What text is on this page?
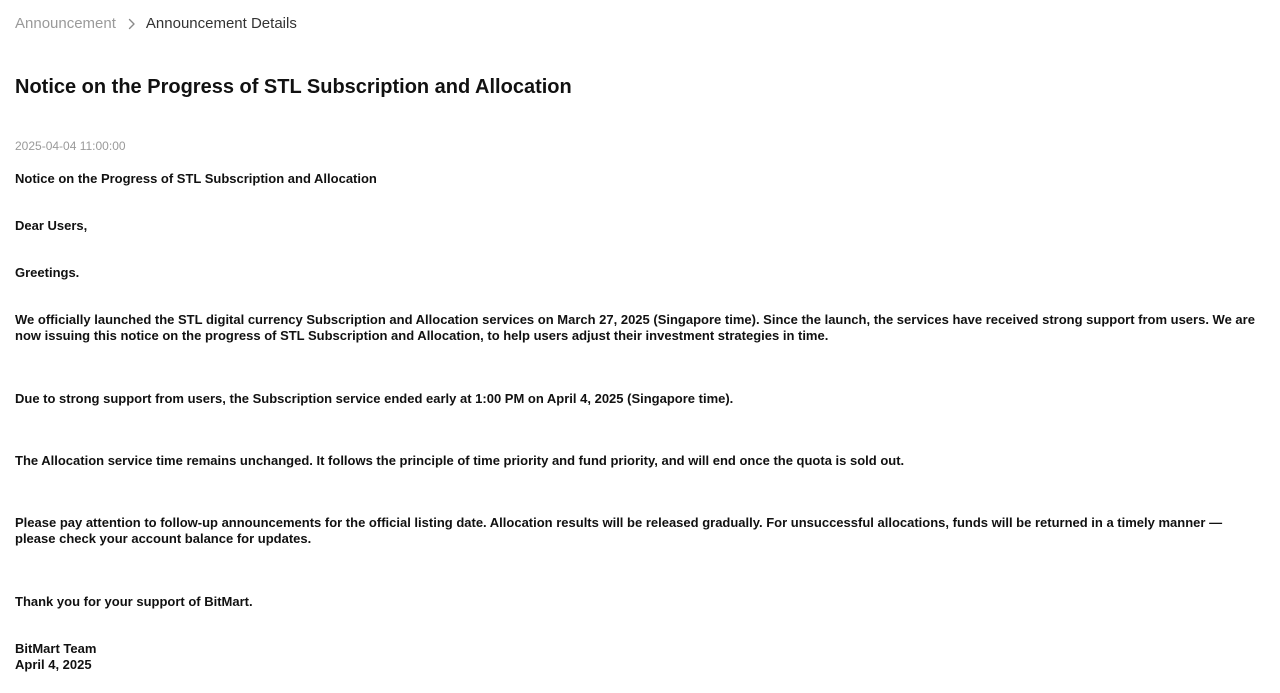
Announcement Announcement Details
Notice on the Progress of STL Subscription and Allocation
2025-04-04 11:00:00

Notice on the Progress of STL Subscription and Allocation

Dear Users,

Greetings.

We officially launched the STL digital currency Subscription and Allocation services on March 27, 2025 (Singapore time). Since the launch, the services have received strong support from users. We are now issuing this notice on the progress of STL Subscription and Allocation, to help users adjust their investment strategies in time.

Due to strong support from users, the Subscription service ended early at 1:00 PM on April 4, 2025 (Singapore time).

The Allocation service time remains unchanged. It follows the principle of time priority and fund priority, and will end once the quota is sold out.

Please pay attention to follow-up announcements for the official listing date. Allocation results will be released gradually. For unsuccessful allocations, funds will be returned in a timely manner — please check your account balance for updates.

Thank you for your support of BitMart.

BitMart Team

April 4, 2025
